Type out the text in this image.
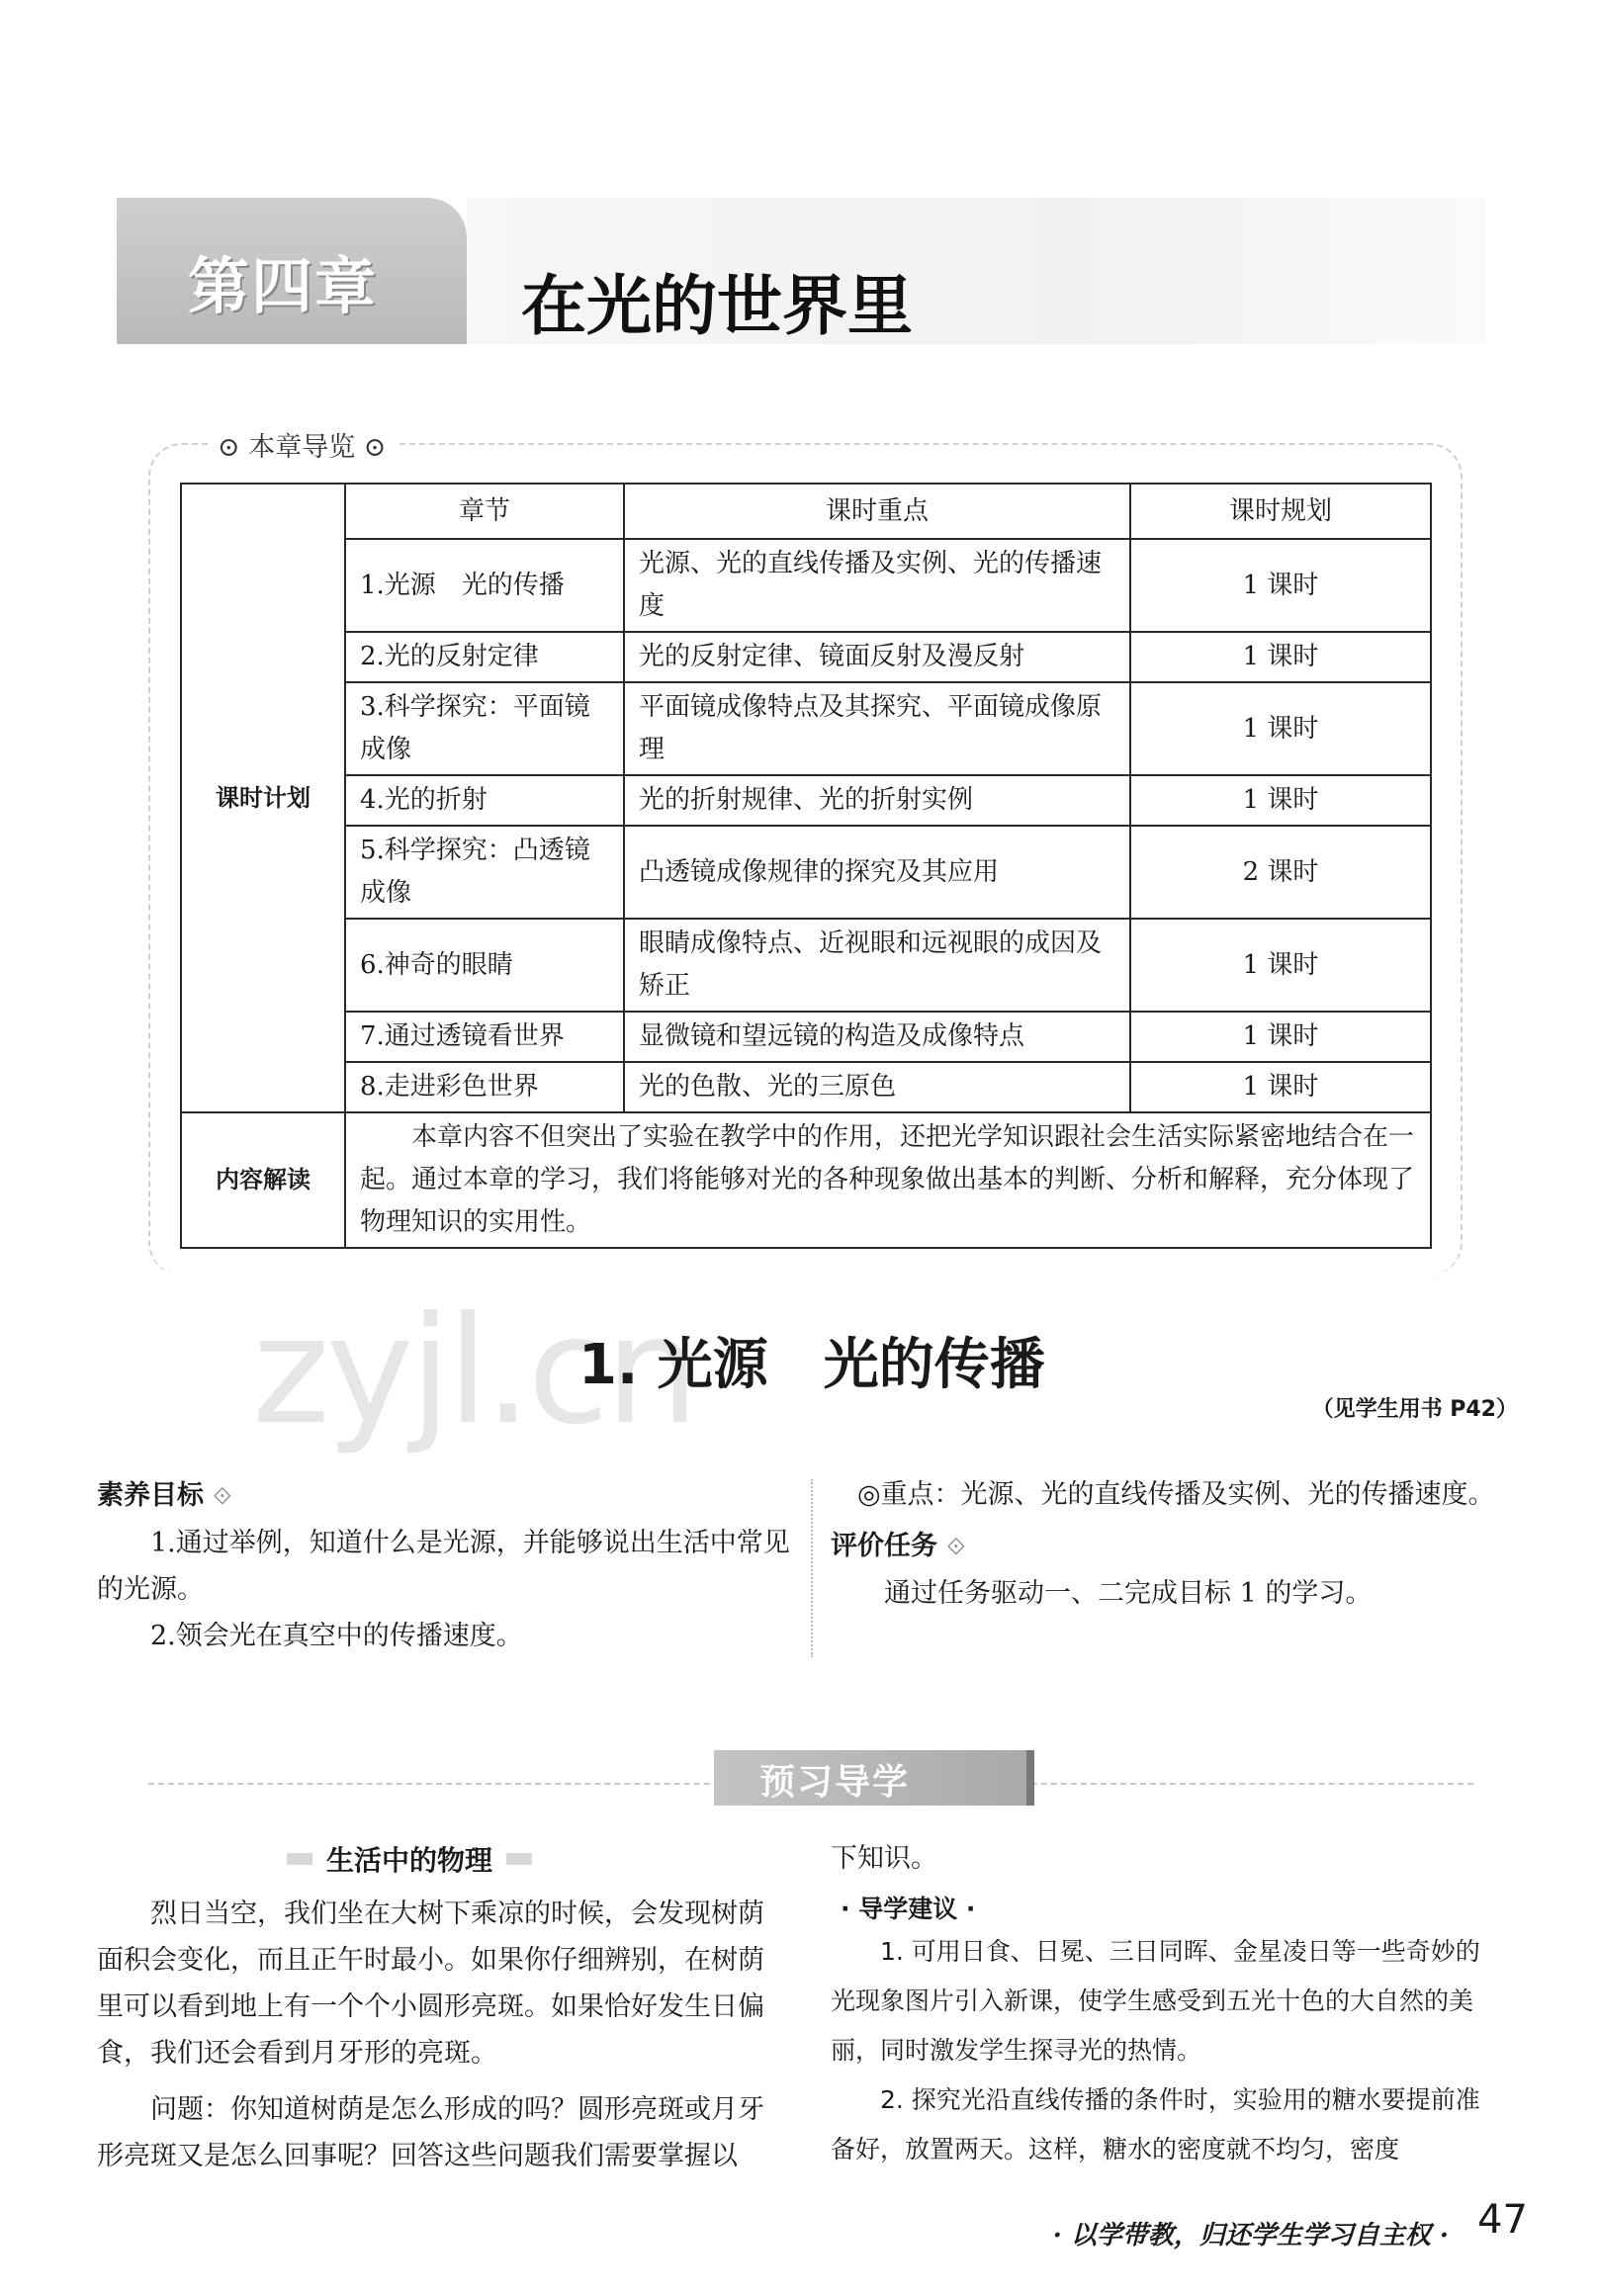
第四章 在光的世界里
⊙ 本章导览 ⊙
课时计划	章节	课时重点	课时规划
	1.光源　光的传播	光源、光的直线传播及实例、光的传播速度	1 课时
	2.光的反射定律	光的反射定律、镜面反射及漫反射	1 课时
	3.科学探究：平面镜成像	平面镜成像特点及其探究、平面镜成像原理	1 课时
	4.光的折射	光的折射规律、光的折射实例	1 课时
	5.科学探究：凸透镜成像	凸透镜成像规律的探究及其应用	2 课时
	6.神奇的眼睛	眼睛成像特点、近视眼和远视眼的成因及矫正	1 课时
	7.通过透镜看世界	显微镜和望远镜的构造及成像特点	1 课时
	8.走进彩色世界	光的色散、光的三原色	1 课时
内容解读	本章内容不但突出了实验在教学中的作用，还把光学知识跟社会生活实际紧密地结合在一起。通过本章的学习，我们将能够对光的各种现象做出基本的判断、分析和解释，充分体现了物理知识的实用性。		
zyjl.cn
1. 光源　光的传播
（见学生用书 P42）
素养目标 ⟐

1.通过举例，知道什么是光源，并能够说出生活中常见的光源。

2.领会光在真空中的传播速度。

◎重点：光源、光的直线传播及实例、光的传播速度。

评价任务 ⟐

通过任务驱动一、二完成目标 1 的学习。

预习导学
生活中的物理

烈日当空，我们坐在大树下乘凉的时候，会发现树荫面积会变化，而且正午时最小。如果你仔细辨别，在树荫里可以看到地上有一个个小圆形亮斑。如果恰好发生日偏食，我们还会看到月牙形的亮斑。

问题：你知道树荫是怎么形成的吗？圆形亮斑或月牙形亮斑又是怎么回事呢？回答这些问题我们需要掌握以

下知识。

· 导学建议 ·

1. 可用日食、日冕、三日同晖、金星凌日等一些奇妙的光现象图片引入新课，使学生感受到五光十色的大自然的美丽，同时激发学生探寻光的热情。

2. 探究光沿直线传播的条件时，实验用的糖水要提前准备好，放置两天。这样，糖水的密度就不均匀，密度

· 以学带教，归还学生学习自主权 · 47
